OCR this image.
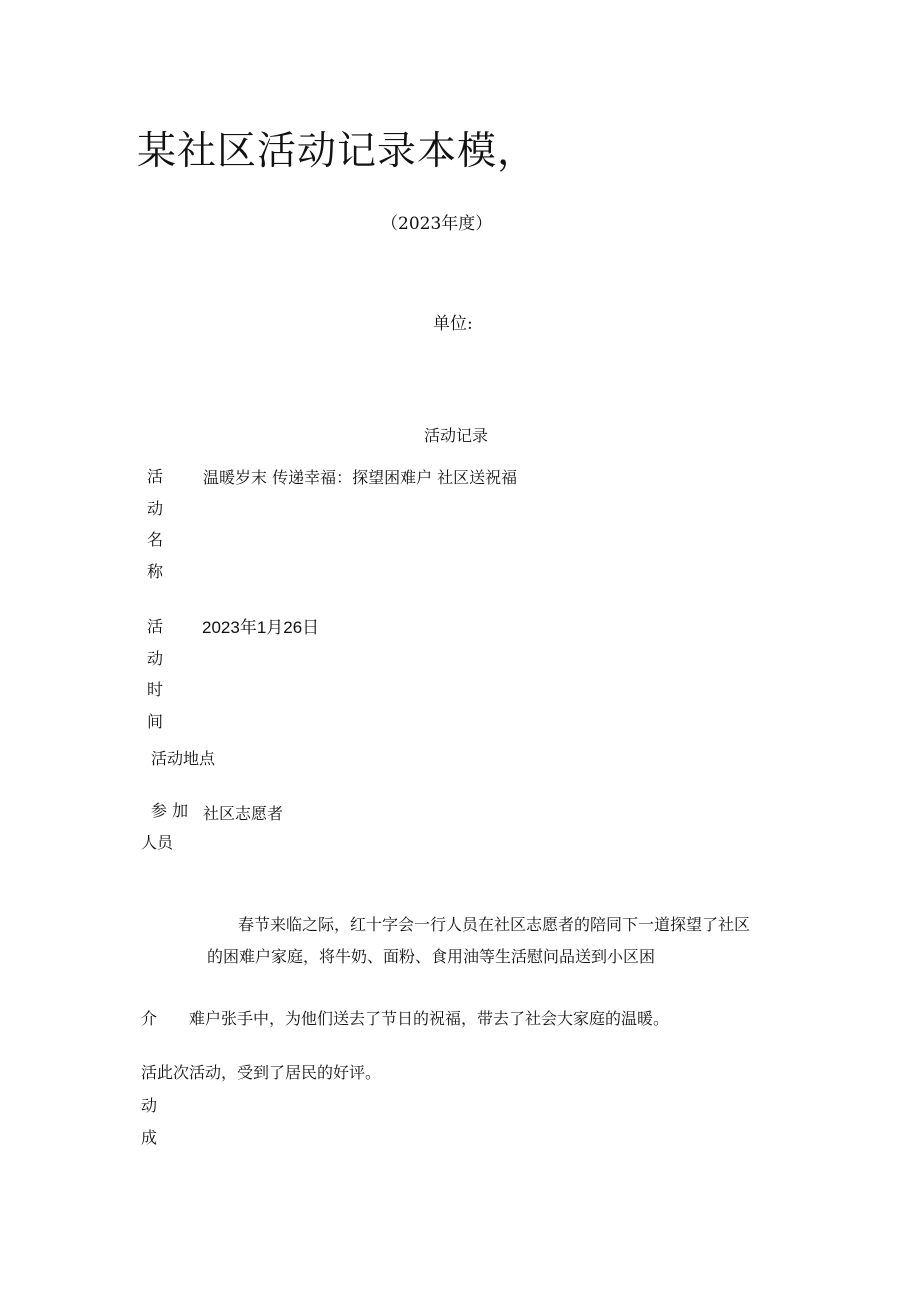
某社区活动记录本模，
（2023年度）
单位:
活动记录
活
动
名
称
温暖岁末 传递幸福：探望困难户 社区送祝福
活
动
时
间
2023年1月26日
活动地点
参 加
人员
社区志愿者
春节来临之际，红十字会一行人员在社区志愿者的陪同下一道探望了社区
的困难户家庭，将牛奶、面粉、食用油等生活慰问品送到小区困
介 难户张手中，为他们送去了节日的祝福，带去了社会大家庭的温暖。
活 此次活动，受到了居民的好评。
动
成
